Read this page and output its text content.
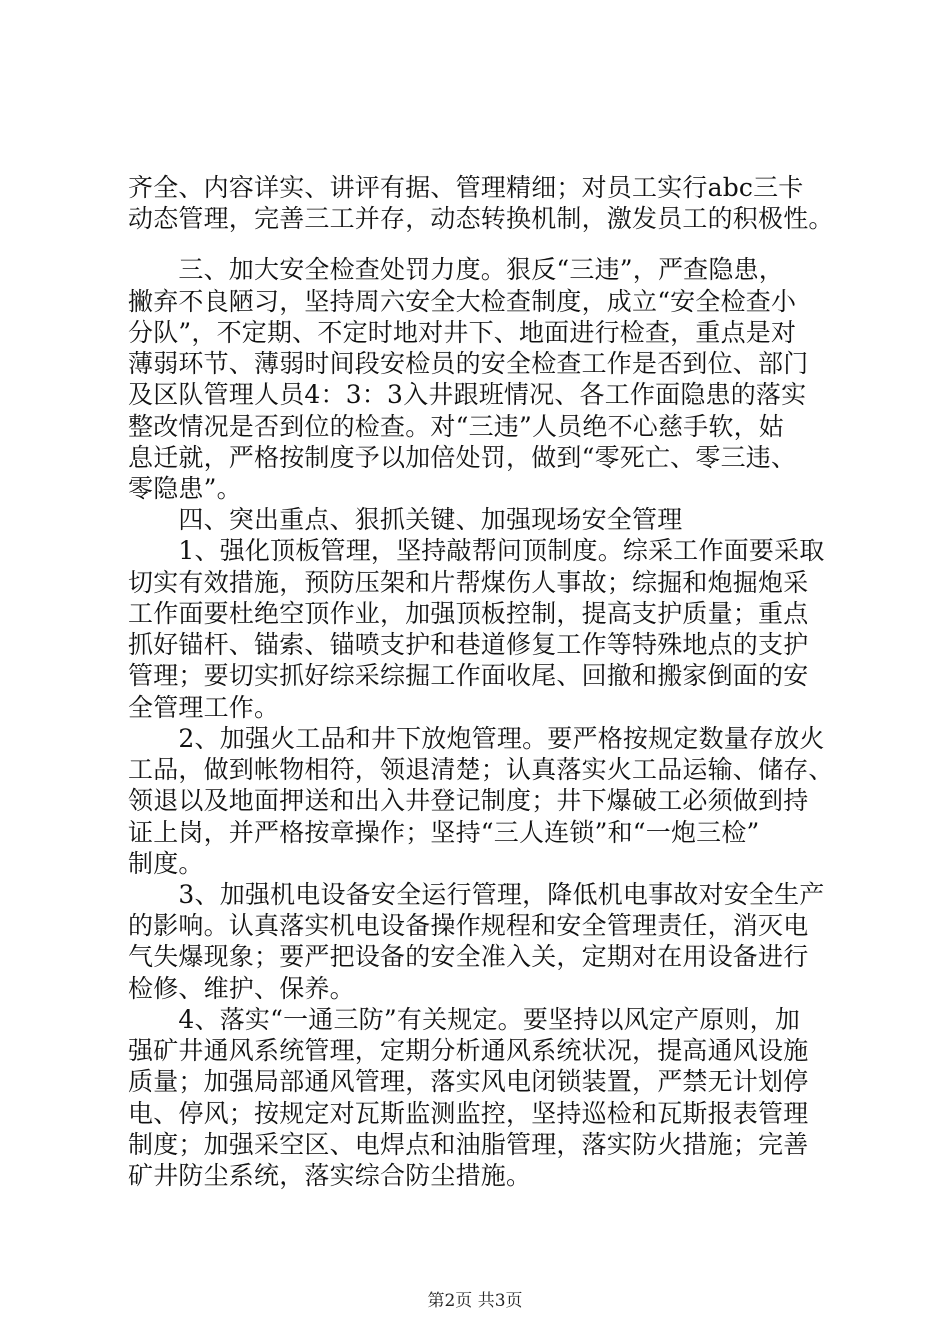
齐全、内容详实、讲评有据、管理精细；对员工实行abc三卡
动态管理，完善三工并存，动态转换机制，激发员工的积极性。
　　三、加大安全检查处罚力度。狠反“三违”，严查隐患，
撇弃不良陋习，坚持周六安全大检查制度，成立“安全检查小
分队”，不定期、不定时地对井下、地面进行检查，重点是对
薄弱环节、薄弱时间段安检员的安全检查工作是否到位、部门
及区队管理人员4：3：3入井跟班情况、各工作面隐患的落实
整改情况是否到位的检查。对“三违”人员绝不心慈手软，姑
息迁就，严格按制度予以加倍处罚，做到“零死亡、零三违、
零隐患”。
　　四、突出重点、狠抓关键、加强现场安全管理
　　1、强化顶板管理，坚持敲帮问顶制度。综采工作面要采取
切实有效措施，预防压架和片帮煤伤人事故；综掘和炮掘炮采
工作面要杜绝空顶作业，加强顶板控制，提高支护质量；重点
抓好锚杆、锚索、锚喷支护和巷道修复工作等特殊地点的支护
管理；要切实抓好综采综掘工作面收尾、回撤和搬家倒面的安
全管理工作。
　　2、加强火工品和井下放炮管理。要严格按规定数量存放火
工品，做到帐物相符，领退清楚；认真落实火工品运输、储存、
领退以及地面押送和出入井登记制度；井下爆破工必须做到持
证上岗，并严格按章操作；坚持“三人连锁”和“一炮三检”
制度。
　　3、加强机电设备安全运行管理，降低机电事故对安全生产
的影响。认真落实机电设备操作规程和安全管理责任，消灭电
气失爆现象；要严把设备的安全准入关，定期对在用设备进行
检修、维护、保养。
　　4、落实“一通三防”有关规定。要坚持以风定产原则，加
强矿井通风系统管理，定期分析通风系统状况，提高通风设施
质量；加强局部通风管理，落实风电闭锁装置，严禁无计划停
电、停风；按规定对瓦斯监测监控，坚持巡检和瓦斯报表管理
制度；加强采空区、电焊点和油脂管理，落实防火措施；完善
矿井防尘系统，落实综合防尘措施。
第2页 共3页
